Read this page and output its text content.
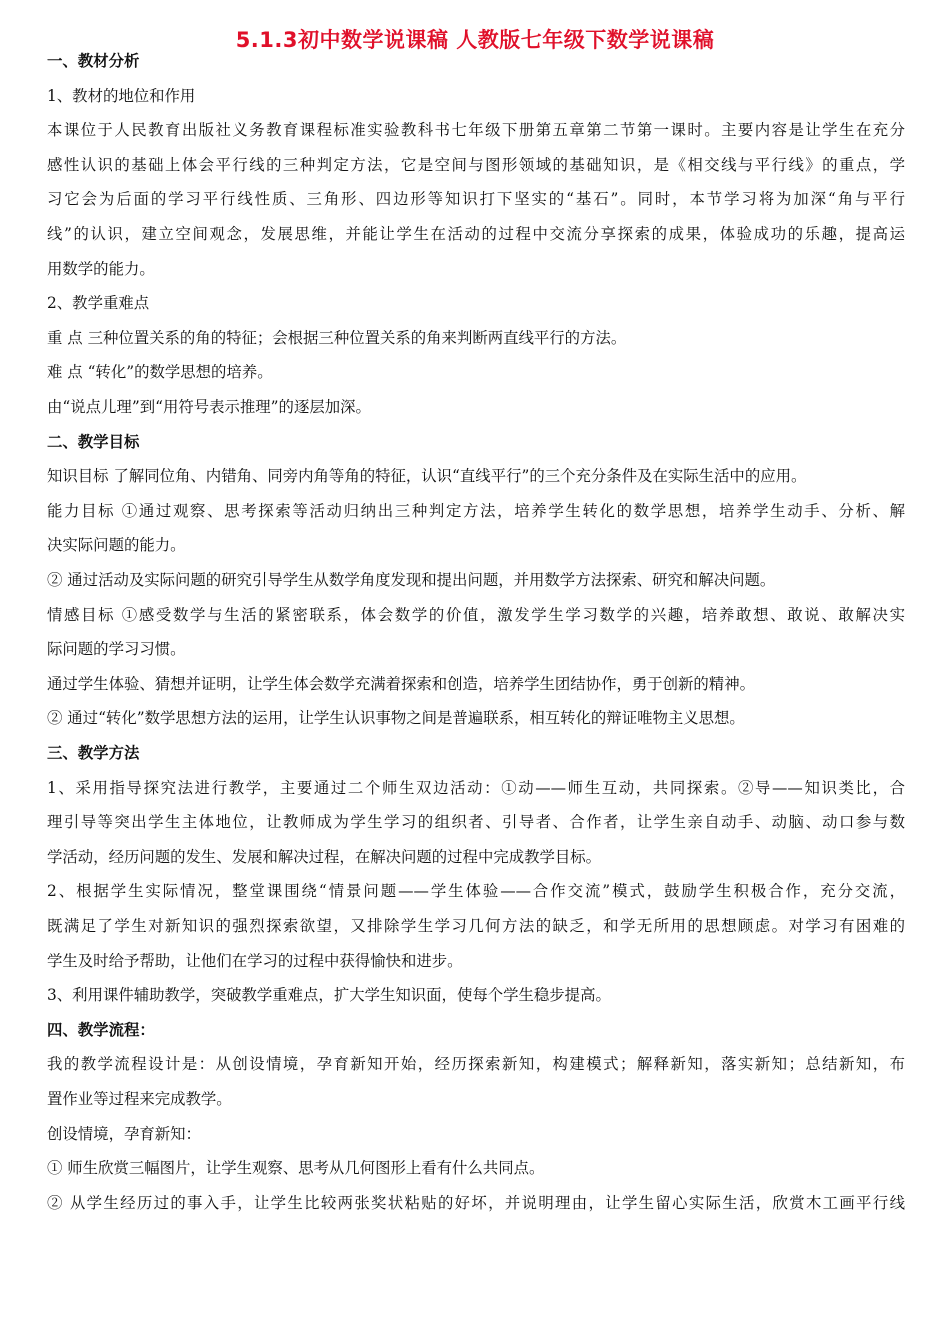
5.1.3初中数学说课稿 人教版七年级下数学说课稿
一、教材分析
1、教材的地位和作用
本课位于人民教育出版社义务教育课程标准实验教科书七年级下册第五章第二节第一课时。主要内容是让学生在充分
感性认识的基础上体会平行线的三种判定方法，它是空间与图形领域的基础知识，是《相交线与平行线》的重点，学
习它会为后面的学习平行线性质、三角形、四边形等知识打下坚实的“基石”。同时，本节学习将为加深“角与平行
线”的认识，建立空间观念，发展思维，并能让学生在活动的过程中交流分享探索的成果，体验成功的乐趣，提高运
用数学的能力。
2、教学重难点
重 点 三种位置关系的角的特征；会根据三种位置关系的角来判断两直线平行的方法。
难 点 “转化”的数学思想的培养。
由“说点儿理”到“用符号表示推理”的逐层加深。
二、教学目标
知识目标 了解同位角、内错角、同旁内角等角的特征，认识“直线平行”的三个充分条件及在实际生活中的应用。
能力目标 ①通过观察、思考探索等活动归纳出三种判定方法，培养学生转化的数学思想，培养学生动手、分析、解
决实际问题的能力。
② 通过活动及实际问题的研究引导学生从数学角度发现和提出问题，并用数学方法探索、研究和解决问题。
情感目标 ①感受数学与生活的紧密联系，体会数学的价值，激发学生学习数学的兴趣，培养敢想、敢说、敢解决实
际问题的学习习惯。
通过学生体验、猜想并证明，让学生体会数学充满着探索和创造，培养学生团结协作，勇于创新的精神。
② 通过“转化”数学思想方法的运用，让学生认识事物之间是普遍联系，相互转化的辩证唯物主义思想。
三、教学方法
1、采用指导探究法进行教学，主要通过二个师生双边活动：①动——师生互动，共同探索。②导——知识类比，合
理引导等突出学生主体地位，让教师成为学生学习的组织者、引导者、合作者，让学生亲自动手、动脑、动口参与数
学活动，经历问题的发生、发展和解决过程，在解决问题的过程中完成教学目标。
2、根据学生实际情况，整堂课围绕“情景问题——学生体验——合作交流”模式，鼓励学生积极合作，充分交流，
既满足了学生对新知识的强烈探索欲望，又排除学生学习几何方法的缺乏，和学无所用的思想顾虑。对学习有困难的
学生及时给予帮助，让他们在学习的过程中获得愉快和进步。
3、利用课件辅助教学，突破教学重难点，扩大学生知识面，使每个学生稳步提高。
四、教学流程：
我的教学流程设计是：从创设情境，孕育新知开始，经历探索新知，构建模式；解释新知，落实新知；总结新知，布
置作业等过程来完成教学。
创设情境，孕育新知：
① 师生欣赏三幅图片，让学生观察、思考从几何图形上看有什么共同点。
② 从学生经历过的事入手，让学生比较两张奖状粘贴的好坏，并说明理由，让学生留心实际生活，欣赏木工画平行线
